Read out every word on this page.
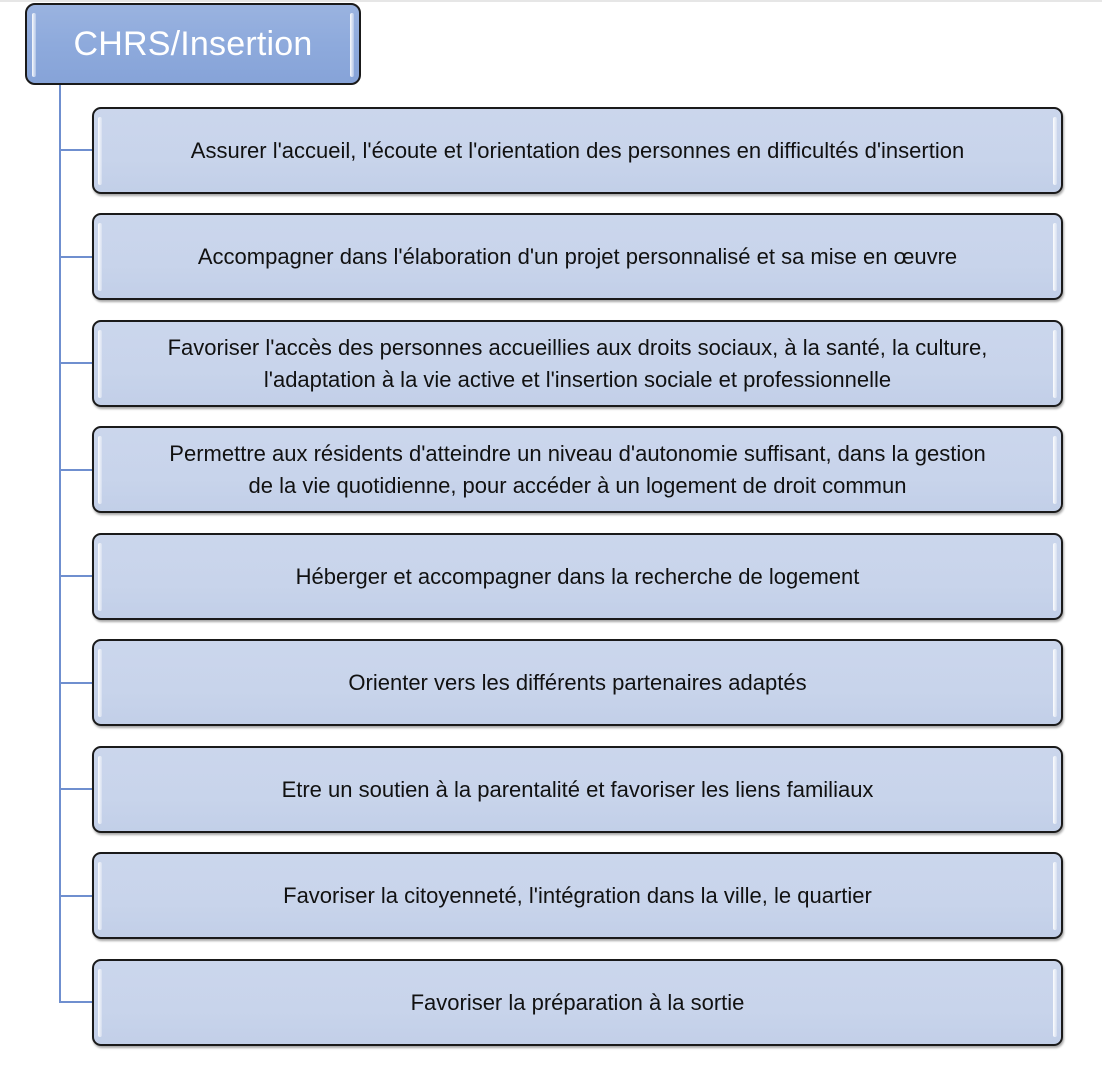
CHRS/Insertion
Assurer l'accueil, l'écoute et l'orientation des personnes en difficultés d'insertion
Accompagner dans l'élaboration d'un projet personnalisé et sa mise en œuvre
Favoriser l'accès des personnes accueillies aux droits sociaux, à la santé, la culture,
l'adaptation à la vie active et l'insertion sociale et professionnelle
Permettre aux résidents d'atteindre un niveau d'autonomie suffisant, dans la gestion
de la vie quotidienne, pour accéder à un logement de droit commun
Héberger et accompagner dans la recherche de logement
Orienter vers les différents partenaires adaptés
Etre un soutien à la parentalité et favoriser les liens familiaux
Favoriser la citoyenneté, l'intégration dans la ville, le quartier
Favoriser la préparation à la sortie
